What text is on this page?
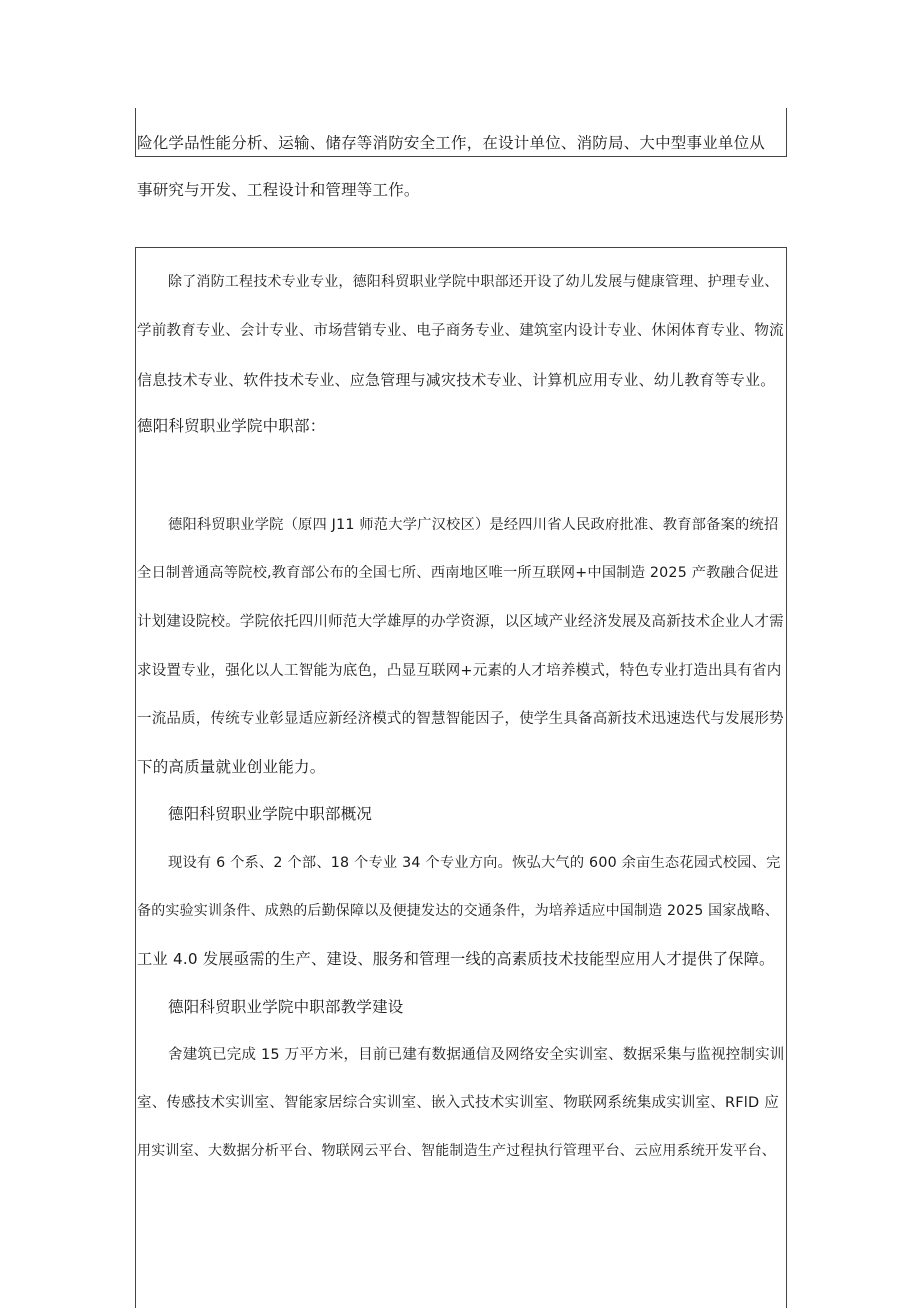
险化学品性能分析、运输、储存等消防安全工作，在设计单位、消防局、大中型事业单位从
事研究与开发、工程设计和管理等工作。
除了消防工程技术专业专业，德阳科贸职业学院中职部还开设了幼儿发展与健康管理、护理专业、
学前教育专业、会计专业、市场营销专业、电子商务专业、建筑室内设计专业、休闲体育专业、物流
信息技术专业、软件技术专业、应急管理与减灾技术专业、计算机应用专业、幼儿教育等专业。
德阳科贸职业学院中职部：
德阳科贸职业学院（原四 J11 师范大学广汉校区）是经四川省人民政府批准、教育部备案的统招
全日制普通高等院校,教育部公布的全国七所、西南地区唯一所互联网+中国制造 2025 产教融合促进
计划建设院校。学院依托四川师范大学雄厚的办学资源，以区域产业经济发展及高新技术企业人才需
求设置专业，强化以人工智能为底色，凸显互联网+元素的人才培养模式，特色专业打造出具有省内
一流品质，传统专业彰显适应新经济模式的智慧智能因子，使学生具备高新技术迅速迭代与发展形势
下的高质量就业创业能力。
德阳科贸职业学院中职部概况
现设有 6 个系、2 个部、18 个专业 34 个专业方向。恢弘大气的 600 余亩生态花园式校园、完
备的实验实训条件、成熟的后勤保障以及便捷发达的交通条件，为培养适应中国制造 2025 国家战略、
工业 4.0 发展亟需的生产、建设、服务和管理一线的高素质技术技能型应用人才提供了保障。
德阳科贸职业学院中职部教学建设
舍建筑已完成 15 万平方米，目前已建有数据通信及网络安全实训室、数据采集与监视控制实训
室、传感技术实训室、智能家居综合实训室、嵌入式技术实训室、物联网系统集成实训室、RFlD 应
用实训室、大数据分析平台、物联网云平台、智能制造生产过程执行管理平台、云应用系统开发平台、
